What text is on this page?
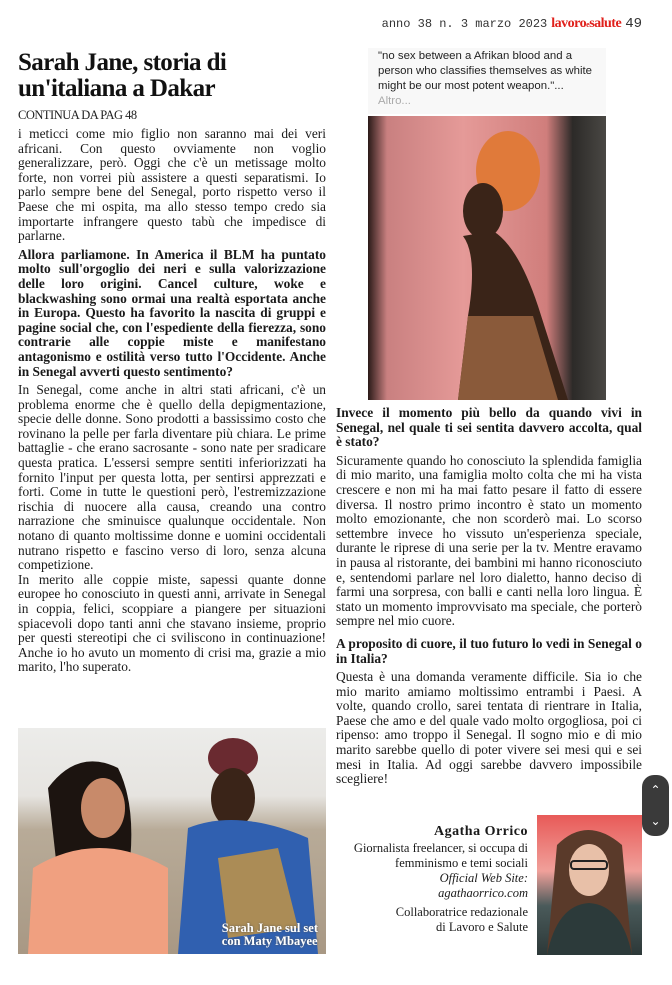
anno 38 n. 3 marzo 2023 lavoroesalute 49
Sarah Jane, storia di un'italiana a Dakar
CONTINUA DA PAG 48

i meticci come mio figlio non saranno mai dei veri africani. Con questo ovviamente non voglio generalizzare, però. Oggi che c'è un metissage molto forte, non vorrei più assistere a questi separatismi. Io parlo sempre bene del Senegal, porto rispetto verso il Paese che mi ospita, ma allo stesso tempo credo sia importarte infrangere questo tabù che impedisce di parlarne.

Allora parliamone. In America il BLM ha puntato molto sull'orgoglio dei neri e sulla valorizzazione delle loro origini. Cancel culture, woke e blackwashing sono ormai una realtà esportata anche in Europa. Questo ha favorito la nascita di gruppi e pagine social che, con l'espediente della fierezza, sono contrarie alle coppie miste e manifestano antagonismo e ostilità verso tutto l'Occidente. Anche in Senegal avverti questo sentimento?

In Senegal, come anche in altri stati africani, c'è un problema enorme che è quello della depigmentazione, specie delle donne. Sono prodotti a bassissimo costo che rovinano la pelle per farla diventare più chiara. Le prime battaglie - che erano sacrosante - sono nate per sradicare questa pratica. L'essersi sempre sentiti inferiorizzati ha fornito l'input per questa lotta, per sentirsi apprezzati e forti. Come in tutte le questioni però, l'estremizzazione rischia di nuocere alla causa, creando una contro narrazione che sminuisce qualunque occidentale. Non notano di quanto moltissime donne e uomini occidentali nutrano rispetto e fascino verso di loro, senza alcuna competizione.

In merito alle coppie miste, sapessi quante donne europee ho conosciuto in questi anni, arrivate in Senegal in coppia, felici, scoppiare a piangere per situazioni spiacevoli dopo tanti anni che stavano insieme, proprio per questi stereotipi che ci sviliscono in continuazione! Anche io ho avuto un momento di crisi ma, grazie a mio marito, l'ho superato.

"no sex between a Afrikan blood and a person who classifies themselves as white might be our most potent weapon."...
Altro...

Invece il momento più bello da quando vivi in Senegal, nel quale ti sei sentita davvero accolta, qual è stato?

Sicuramente quando ho conosciuto la splendida famiglia di mio marito, una famiglia molto colta che mi ha vista crescere e non mi ha mai fatto pesare il fatto di essere diversa. Il nostro primo incontro è stato un momento molto emozionante, che non scorderò mai. Lo scorso settembre invece ho vissuto un'esperienza speciale, durante le riprese di una serie per la tv. Mentre eravamo in pausa al ristorante, dei bambini mi hanno riconosciuto e, sentendomi parlare nel loro dialetto, hanno deciso di farmi una sorpresa, con balli e canti nella loro lingua. È stato un momento improvvisato ma speciale, che porterò sempre nel mio cuore.

A proposito di cuore, il tuo futuro lo vedi in Senegal o in Italia?

Questa è una domanda veramente difficile. Sia io che mio marito amiamo moltissimo entrambi i Paesi. A volte, quando crollo, sarei tentata di rientrare in Italia, Paese che amo e del quale vado molto orgogliosa, poi ci ripenso: amo troppo il Senegal. Il sogno mio e di mio marito sarebbe quello di poter vivere sei mesi qui e sei mesi in Italia. Ad oggi sarebbe davvero impossibile scegliere!

Sarah Jane sul set
con Maty Mbayee
Agatha Orrico
Giornalista freelancer, si occupa di
femminismo e temi sociali
Official Web Site:
agathaorrico.com
Collaboratrice redazionale
di Lavoro e Salute
⌃
⌄
